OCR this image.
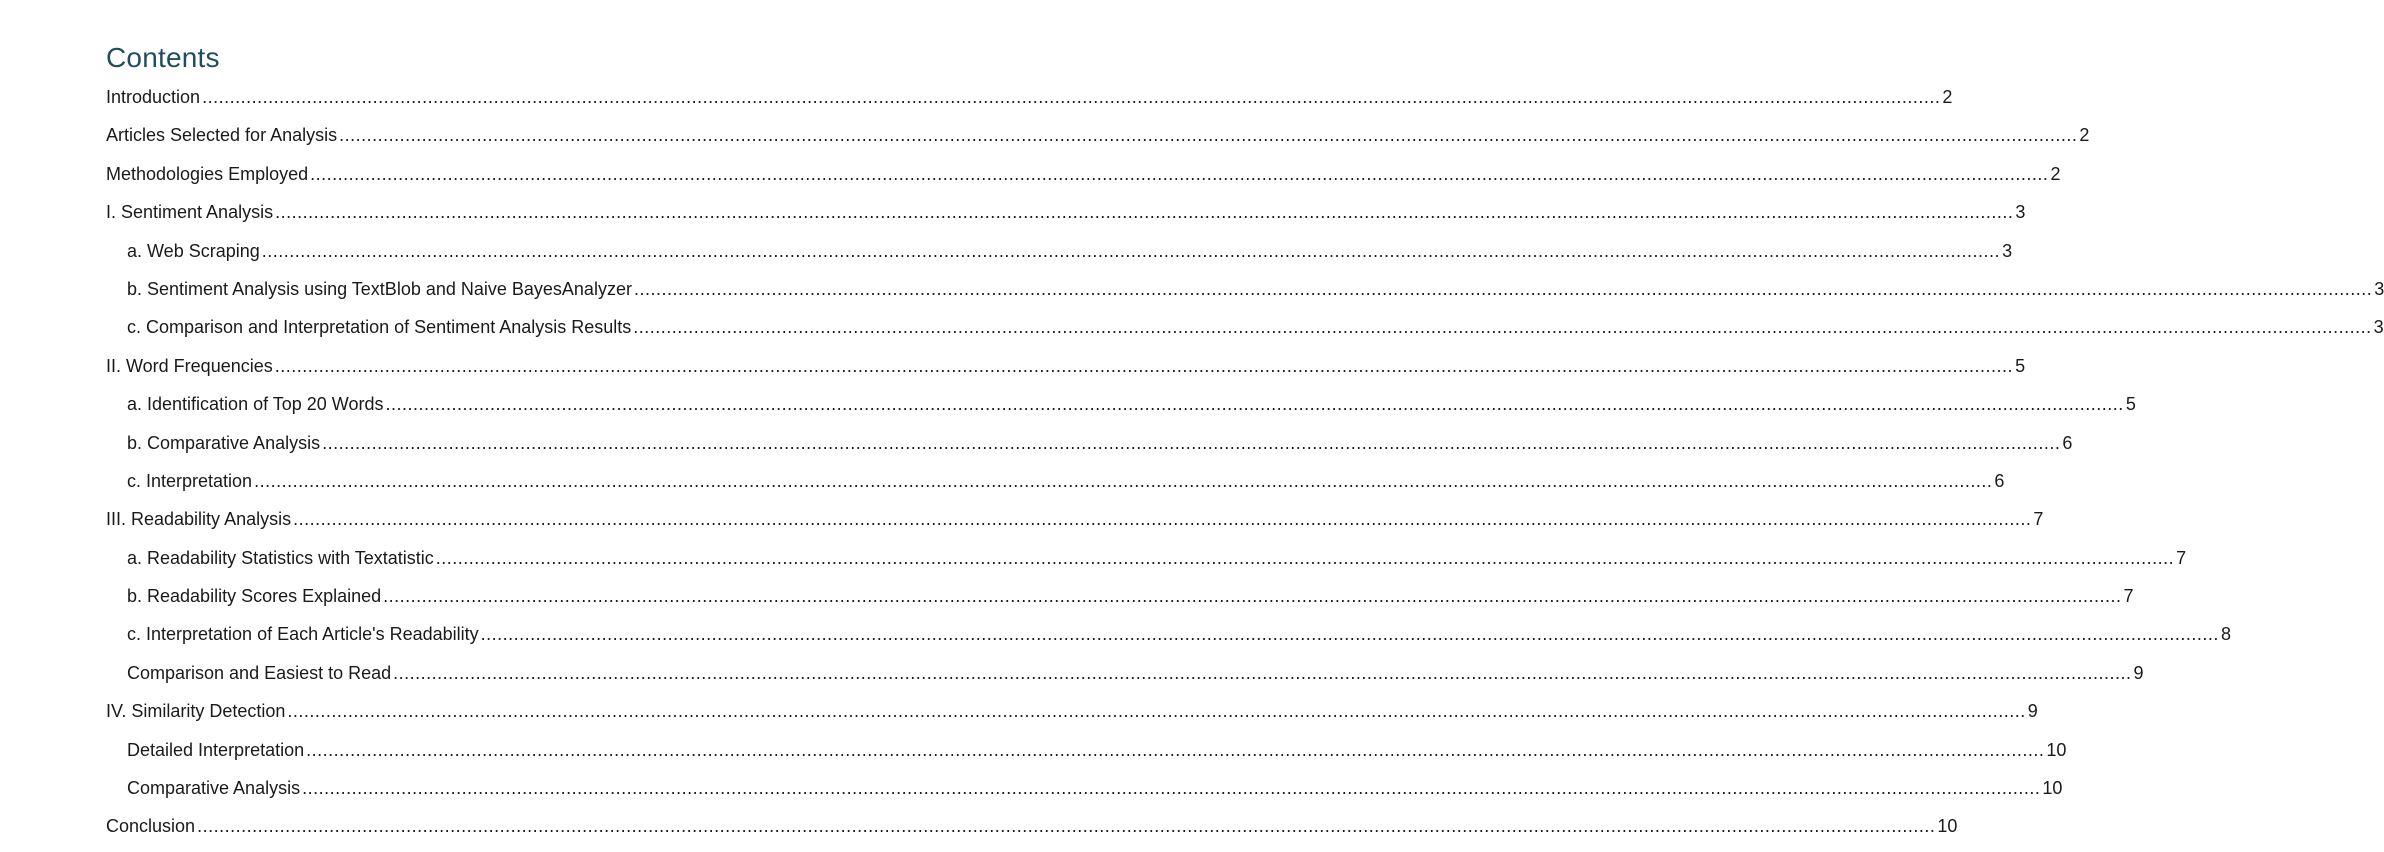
Contents
Introduction .....	2
Articles Selected for Analysis .....	2
Methodologies Employed .....	2
I. Sentiment Analysis .....	3
a. Web Scraping .....	3
b. Sentiment Analysis using TextBlob and Naive BayesAnalyzer .....	3
c. Comparison and Interpretation of Sentiment Analysis Results .....	3
II. Word Frequencies .....	5
a. Identification of Top 20 Words .....	5
b. Comparative Analysis .....	6
c. Interpretation .....	6
III. Readability Analysis .....	7
a. Readability Statistics with Textatistic .....	7
b. Readability Scores Explained .....	7
c. Interpretation of Each Article's Readability .....	8
Comparison and Easiest to Read .....	9
IV. Similarity Detection .....	9
Detailed Interpretation .....	10
Comparative Analysis .....	10
Conclusion .....	10
